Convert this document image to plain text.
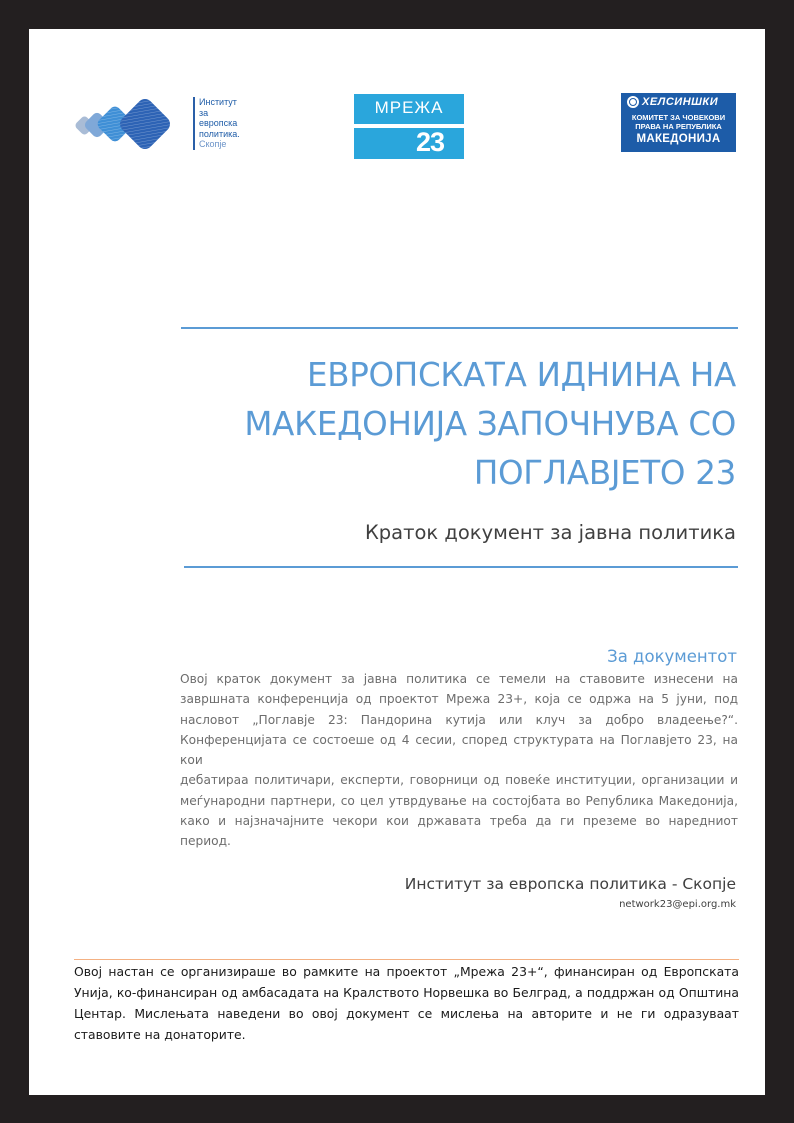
Институт
за
европска
политика.
Скопје
МРЕЖА
23
ХЕЛСИНШКИ
КОМИТЕТ ЗА ЧОВЕКОВИ
ПРАВА НА РЕПУБЛИКА
МАКЕДОНИЈА
ЕВРОПСКАТА ИДНИНА НА
МАКЕДОНИЈА ЗАПОЧНУВА СО
ПОГЛАВЈЕТО 23
Краток документ за јавна политика
За документот
Овој краток документ за јавна политика се темели на ставовите изнесени на
завршната конференција од проектот Мрежа 23+, која се одржа на 5 јуни, под
насловот „Поглавје 23: Пандорина кутија или клуч за добро владеење?“.
Конференцијата се состоеше од 4 сесии, според структурата на Поглавјето 23, на кои
дебатираа политичари, експерти, говорници од повеќе институции, организации и
меѓународни партнери, со цел утврдување на состојбата во Република Македонија,
како и најзначајните чекори кои државата треба да ги преземе во наредниот период.
Институт за европска политика - Скопје
network23@epi.org.mk
Овој настан се организираше во рамките на проектот „Мрежа 23+“, финансиран од Европската Унија, ко-финансиран од амбасадата на Кралството Норвешка во Белград, а поддржан од Општина Центар. Мислењата наведени во овој документ се мислења на авторите и не ги одразуваат ставовите на донаторите.
